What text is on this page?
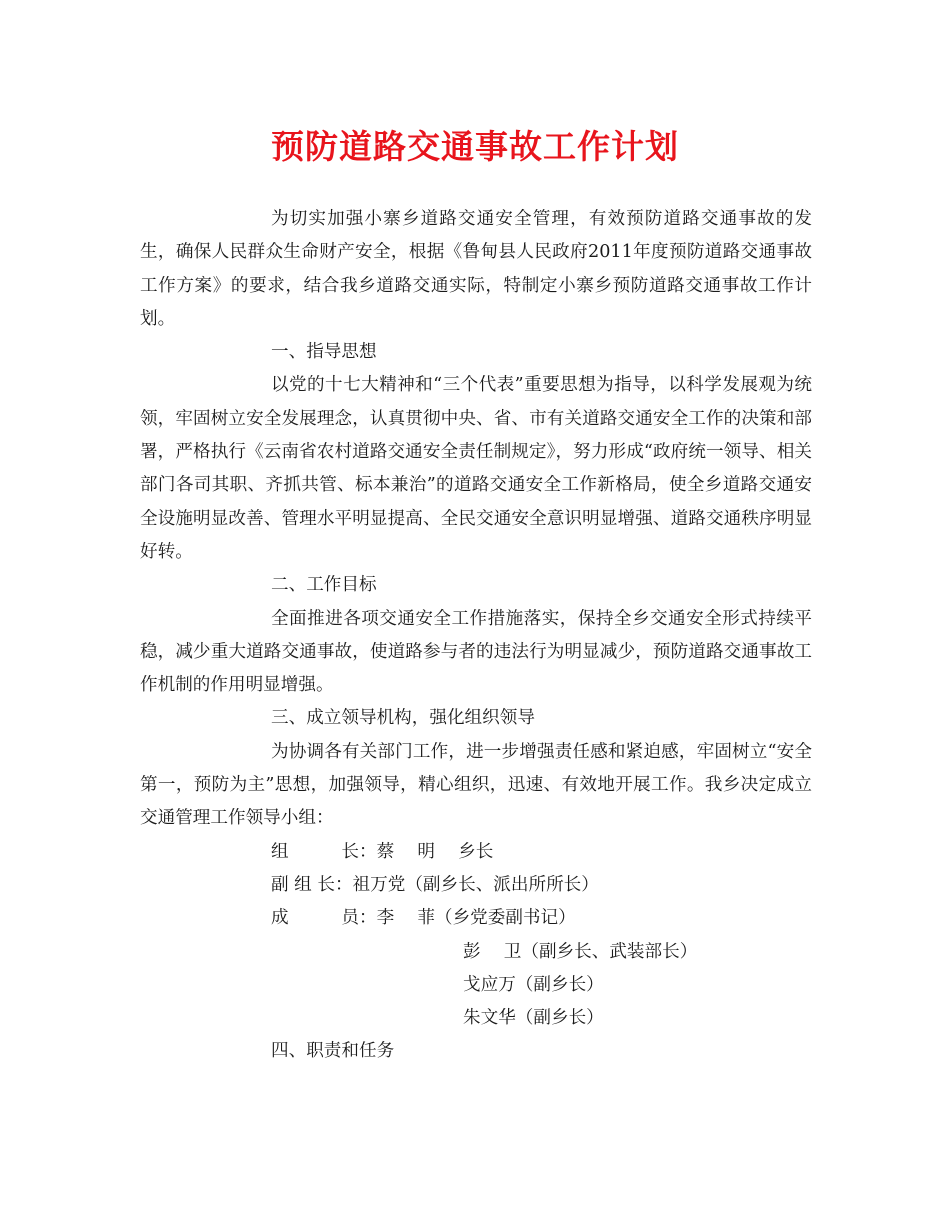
预防道路交通事故工作计划

为切实加强小寨乡道路交通安全管理，有效预防道路交通事故的发生，确保人民群众生命财产安全，根据《鲁甸县人民政府2011年度预防道路交通事故工作方案》的要求，结合我乡道路交通实际，特制定小寨乡预防道路交通事故工作计划。

一、指导思想

以党的十七大精神和“三个代表”重要思想为指导，以科学发展观为统领，牢固树立安全发展理念，认真贯彻中央、省、市有关道路交通安全工作的决策和部署，严格执行《云南省农村道路交通安全责任制规定》，努力形成“政府统一领导、相关部门各司其职、齐抓共管、标本兼治”的道路交通安全工作新格局，使全乡道路交通安全设施明显改善、管理水平明显提高、全民交通安全意识明显增强、道路交通秩序明显好转。

二、工作目标

全面推进各项交通安全工作措施落实，保持全乡交通安全形式持续平稳，减少重大道路交通事故，使道路参与者的违法行为明显减少，预防道路交通事故工作机制的作用明显增强。

三、成立领导机构，强化组织领导

为协调各有关部门工作，进一步增强责任感和紧迫感，牢固树立“安全第一，预防为主”思想，加强领导，精心组织，迅速、有效地开展工作。我乡决定成立交通管理工作领导小组：

组　　　长：蔡　 明　 乡长

副 组 长：祖万党（副乡长、派出所所长）

成　　　员：李　 菲（乡党委副书记）

彭　 卫（副乡长、武装部长）

戈应万（副乡长）

朱文华（副乡长）

四、职责和任务
